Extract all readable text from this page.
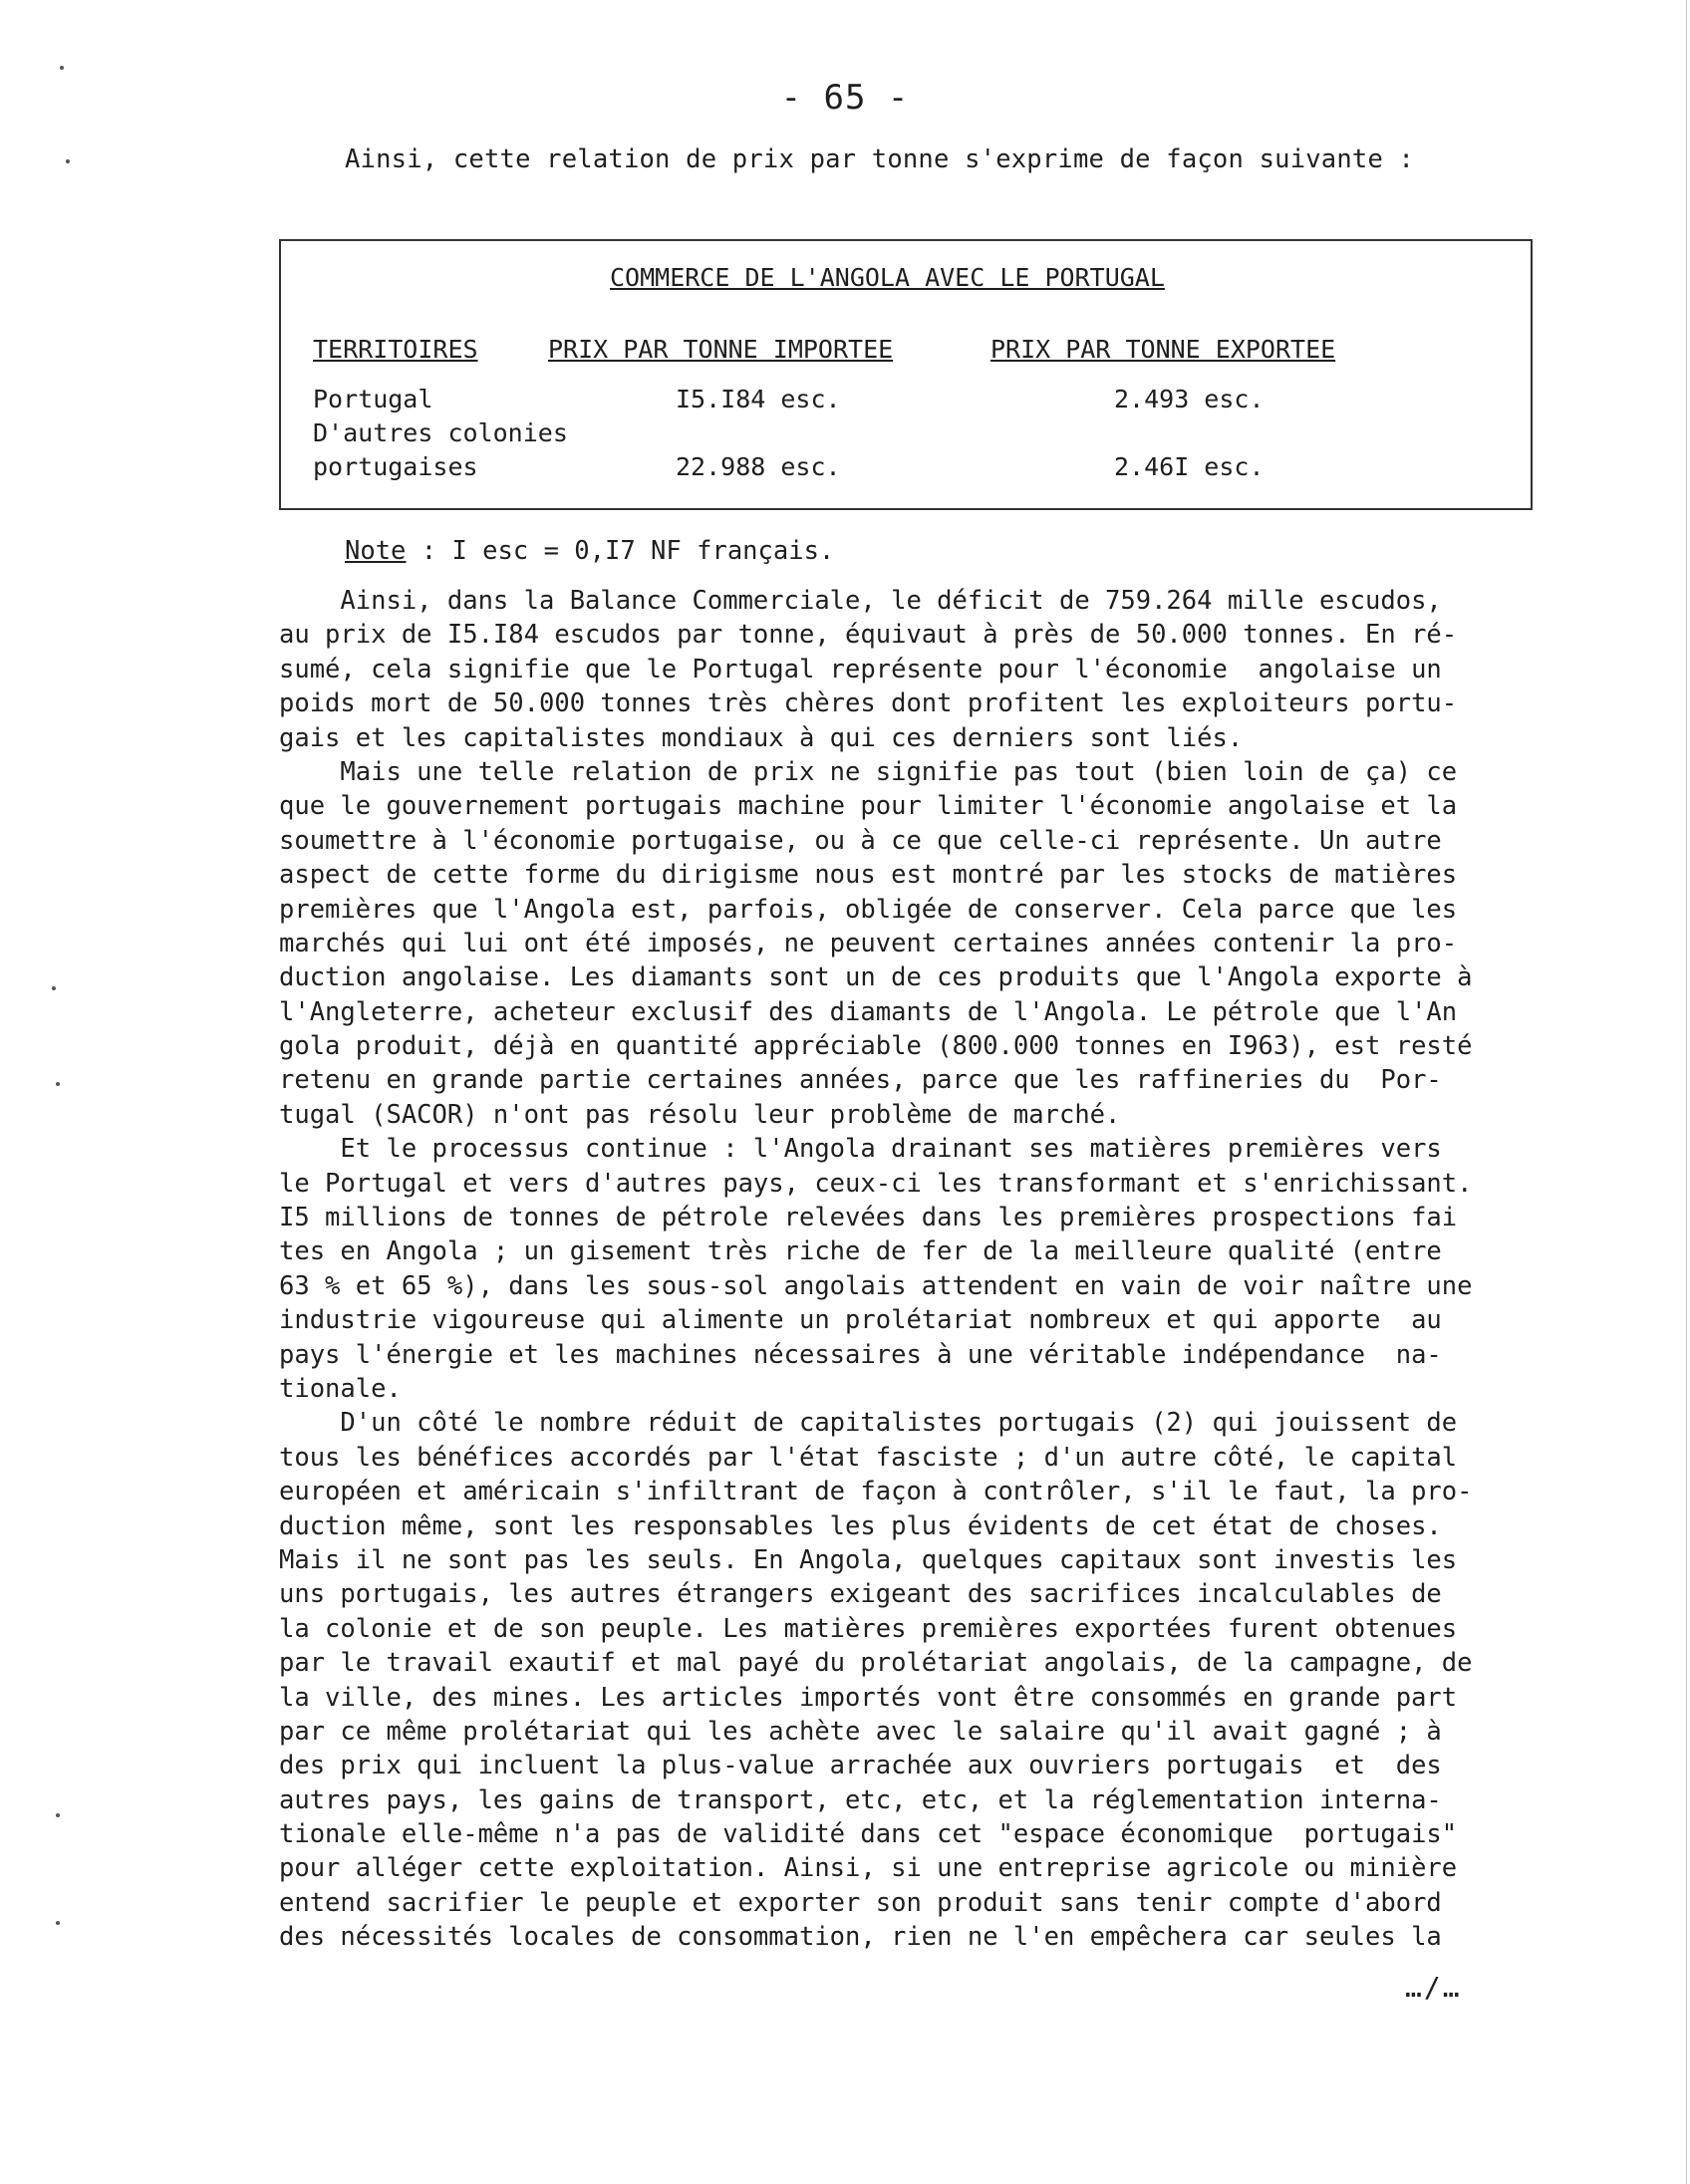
- 65 -
Ainsi, cette relation de prix par tonne s'exprime de façon suivante :
COMMERCE DE L'ANGOLA AVEC LE PORTUGAL
TERRITOIRES	PRIX PAR TONNE IMPORTEE	PRIX PAR TONNE EXPORTEE
Portugal	I5.I84 esc.	2.493 esc.
D'autres colonies
portugaises	22.988 esc.	2.46I esc.
Note : I esc = 0,I7 NF français.
Ainsi, dans la Balance Commerciale, le déficit de 759.264 mille escudos,
au prix de I5.I84 escudos par tonne, équivaut à près de 50.000 tonnes. En ré-
sumé, cela signifie que le Portugal représente pour l'économie  angolaise un
poids mort de 50.000 tonnes très chères dont profitent les exploiteurs portu-
gais et les capitalistes mondiaux à qui ces derniers sont liés.
Mais une telle relation de prix ne signifie pas tout (bien loin de ça) ce
que le gouvernement portugais machine pour limiter l'économie angolaise et la
soumettre à l'économie portugaise, ou à ce que celle-ci représente. Un autre
aspect de cette forme du dirigisme nous est montré par les stocks de matières
premières que l'Angola est, parfois, obligée de conserver. Cela parce que les
marchés qui lui ont été imposés, ne peuvent certaines années contenir la pro-
duction angolaise. Les diamants sont un de ces produits que l'Angola exporte à
l'Angleterre, acheteur exclusif des diamants de l'Angola. Le pétrole que l'An
gola produit, déjà en quantité appréciable (800.000 tonnes en I963), est resté
retenu en grande partie certaines années, parce que les raffineries du  Por-
tugal (SACOR) n'ont pas résolu leur problème de marché.
Et le processus continue : l'Angola drainant ses matières premières vers
le Portugal et vers d'autres pays, ceux-ci les transformant et s'enrichissant.
I5 millions de tonnes de pétrole relevées dans les premières prospections fai
tes en Angola ; un gisement très riche de fer de la meilleure qualité (entre
63 % et 65 %), dans les sous-sol angolais attendent en vain de voir naître une
industrie vigoureuse qui alimente un prolétariat nombreux et qui apporte  au
pays l'énergie et les machines nécessaires à une véritable indépendance  na-
tionale.
D'un côté le nombre réduit de capitalistes portugais (2) qui jouissent de
tous les bénéfices accordés par l'état fasciste ; d'un autre côté, le capital
européen et américain s'infiltrant de façon à contrôler, s'il le faut, la pro-
duction même, sont les responsables les plus évidents de cet état de choses.
Mais il ne sont pas les seuls. En Angola, quelques capitaux sont investis les
uns portugais, les autres étrangers exigeant des sacrifices incalculables de
la colonie et de son peuple. Les matières premières exportées furent obtenues
par le travail exautif et mal payé du prolétariat angolais, de la campagne, de
la ville, des mines. Les articles importés vont être consommés en grande part
par ce même prolétariat qui les achète avec le salaire qu'il avait gagné ; à
des prix qui incluent la plus-value arrachée aux ouvriers portugais  et  des
autres pays, les gains de transport, etc, etc, et la réglementation interna-
tionale elle-même n'a pas de validité dans cet "espace économique  portugais"
pour alléger cette exploitation. Ainsi, si une entreprise agricole ou minière
entend sacrifier le peuple et exporter son produit sans tenir compte d'abord
des nécessités locales de consommation, rien ne l'en empêchera car seules la
…/…
